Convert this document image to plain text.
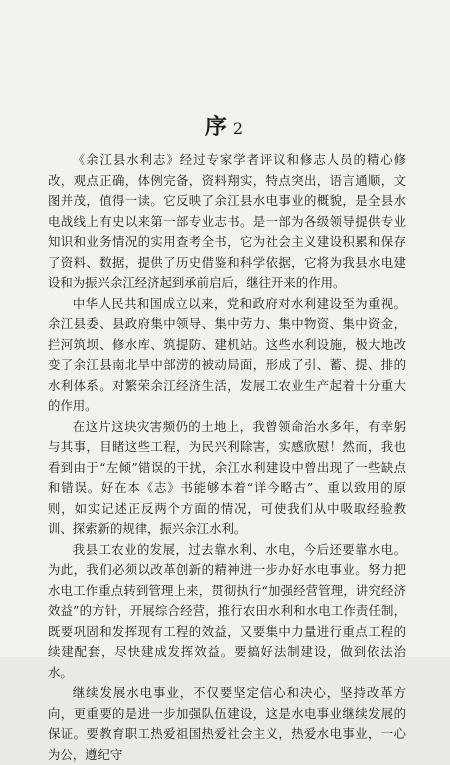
序 2

《余江县水利志》经过专家学者评议和修志人员的精心修改，观点正确，体例完备，资料翔实，特点突出，语言通顺，文图并茂，值得一读。它反映了余江县水电事业的概貌，是全县水电战线上有史以来第一部专业志书。是一部为各级领导提供专业知识和业务情况的实用查考全书，它为社会主义建设积累和保存了资料、数据，提供了历史借鉴和科学依据，它将为我县水电建设和为振兴余江经济起到承前启后，继往开来的作用。

中华人民共和国成立以来，党和政府对水利建设至为重视。余江县委、县政府集中领导、集中劳力、集中物资、集中资金，拦河筑坝、修水库、筑提防、建机站。这些水利设施，极大地改变了余江县南北旱中部涝的被动局面，形成了引、蓄、提、排的水利体系。对繁荣余江经济生活，发展工农业生产起着十分重大的作用。

在这片这块灾害频仍的土地上，我曾领命治水多年，有幸躬与其事，目睹这些工程，为民兴利除害，实感欣慰！然而，我也看到由于“左倾”错误的干扰，余江水利建设中曾出现了一些缺点和错误。好在本《志》书能够本着“详今略古”、重以致用的原则，如实记述正反两个方面的情况，可使我们从中吸取经验教训、探索新的规律，振兴余江水利。

我县工农业的发展，过去靠水利、水电，今后还要靠水电。为此，我们必须以改革创新的精神进一步办好水电事业。努力把水电工作重点转到管理上来，贯彻执行“加强经营管理，讲究经济效益”的方针，开展综合经营，推行农田水利和水电工作责任制，既要巩固和发挥现有工程的效益，又要集中力量进行重点工程的续建配套，尽快建成发挥效益。要搞好法制建设，做到依法治水。

继续发展水电事业，不仅要坚定信心和决心，坚持改革方向，更重要的是进一步加强队伍建设，这是水电事业继续发展的保证。要教育职工热爱祖国热爱社会主义，热爱水电事业，一心为公，遵纪守
